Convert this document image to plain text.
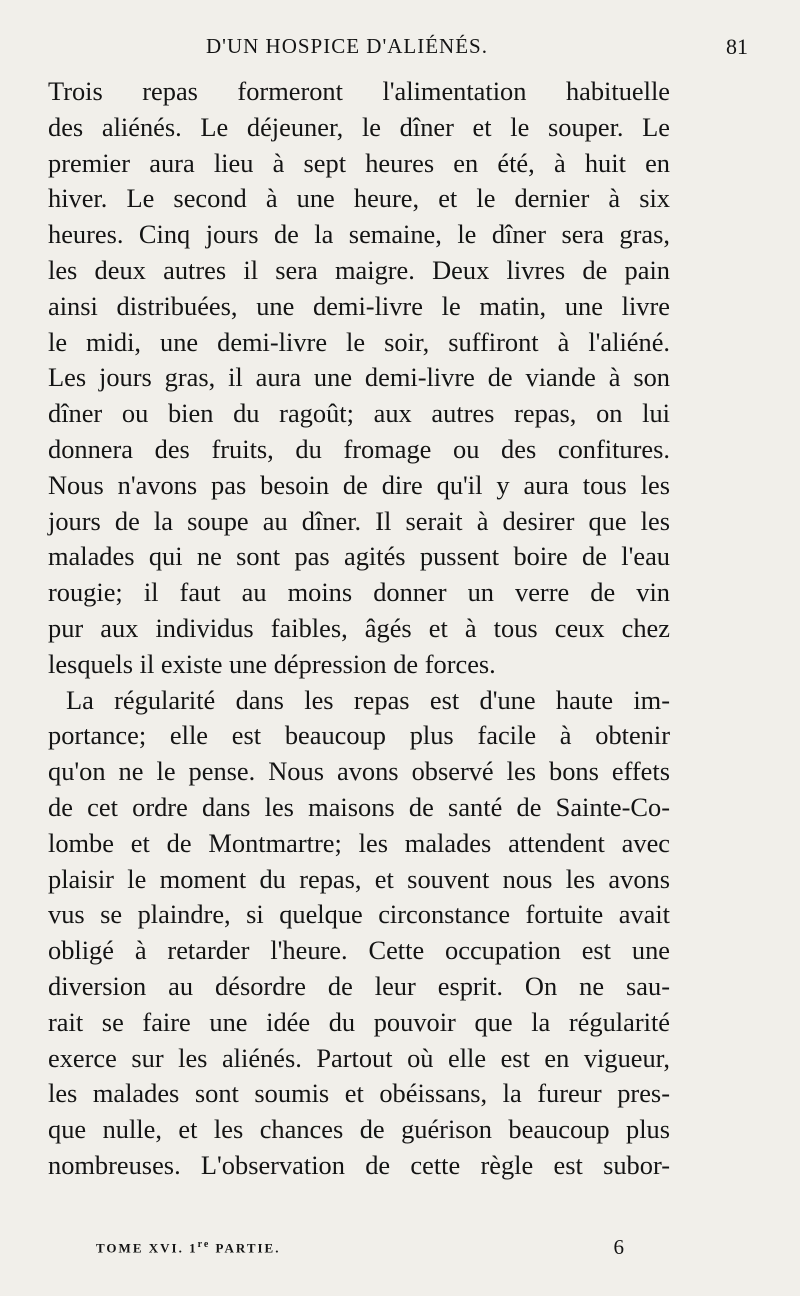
D'UN HOSPICE D'ALIÉNÉS.	81
Trois repas formeront l'alimentation habituelle
des aliénés. Le déjeuner, le dîner et le souper. Le
premier aura lieu à sept heures en été, à huit en
hiver. Le second à une heure, et le dernier à six
heures. Cinq jours de la semaine, le dîner sera gras,
les deux autres il sera maigre. Deux livres de pain
ainsi distribuées, une demi-livre le matin, une livre
le midi, une demi-livre le soir, suffiront à l'aliéné.
Les jours gras, il aura une demi-livre de viande à son
dîner ou bien du ragoût; aux autres repas, on lui
donnera des fruits, du fromage ou des confitures.
Nous n'avons pas besoin de dire qu'il y aura tous les
jours de la soupe au dîner. Il serait à desirer que les
malades qui ne sont pas agités pussent boire de l'eau
rougie; il faut au moins donner un verre de vin
pur aux individus faibles, âgés et à tous ceux chez
lesquels il existe une dépression de forces.
La régularité dans les repas est d'une haute im-
portance; elle est beaucoup plus facile à obtenir
qu'on ne le pense. Nous avons observé les bons effets
de cet ordre dans les maisons de santé de Sainte-Co-
lombe et de Montmartre; les malades attendent avec
plaisir le moment du repas, et souvent nous les avons
vus se plaindre, si quelque circonstance fortuite avait
obligé à retarder l'heure. Cette occupation est une
diversion au désordre de leur esprit. On ne sau-
rait se faire une idée du pouvoir que la régularité
exerce sur les aliénés. Partout où elle est en vigueur,
les malades sont soumis et obéissans, la fureur pres-
que nulle, et les chances de guérison beaucoup plus
nombreuses. L'observation de cette règle est subor-
TOME XVI. 1re PARTIE.	6
